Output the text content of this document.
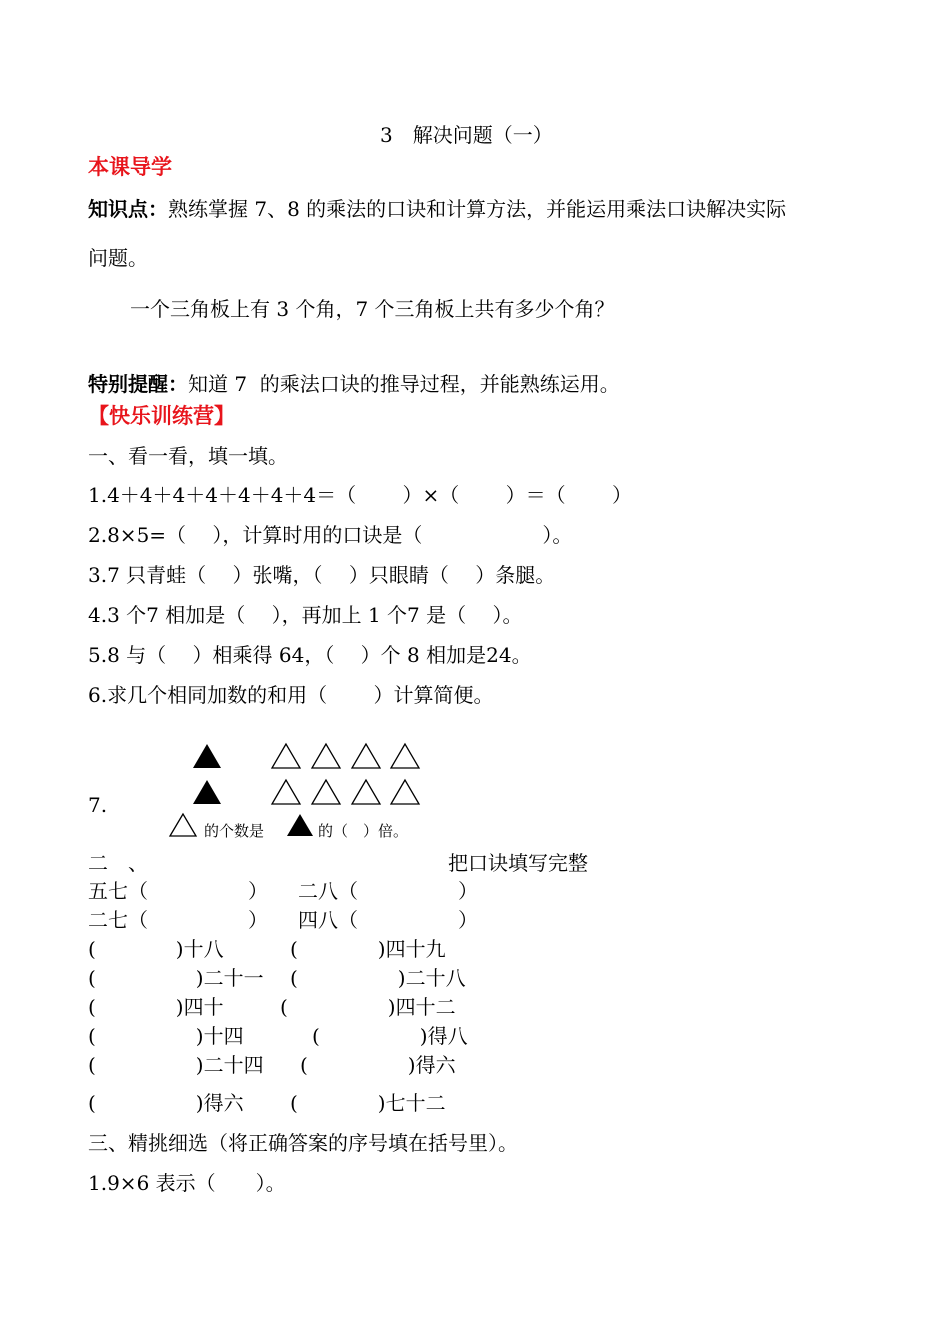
3　解决问题（一）
本课导学
知识点：熟练掌握 7、8 的乘法的口诀和计算方法，并能运用乘法口诀解决实际
问题。
一个三角板上有 3 个角，7 个三角板上共有多少个角？
特别提醒：知道 7  的乘法口诀的推导过程，并能熟练运用。
【快乐训练营】
一、看一看，填一填。
1.4＋4＋4＋4＋4＋4＋4＝（　　 ）×（　　 ）＝（　　 ）
2.8×5=（　 ），计算时用的口诀是（　　　　　　）。
3.7 只青蛙（　 ）张嘴，（　 ）只眼睛（　 ）条腿。
4.3 个7 相加是（　 ），再加上 1 个7 是（　 ）。
5.8 与（　 ）相乘得 64，（　 ）个 8 相加是24。
6.求几个相同加数的和用（　　 ）计算简便。
7.
的个数是	的（　）倍。
二　、	把口诀填写完整
五七（　　　　　） 二八（　　　　　）
二七（　　　　　） 四八（　　　　　）
(　　　　)十八	(　　　　)四十九
(　　　　　)二十一 (　　　　　)二十八
(　　　　)四十	(　　　　　)四十二
(　　　　　)十四	(　　　　　)得八
(　　　　　)二十四 (　　　　　)得六
(　　　　　)得六 (　　　　)七十二
三、精挑细选（将正确答案的序号填在括号里）。
1.9×6 表示（　　）。
